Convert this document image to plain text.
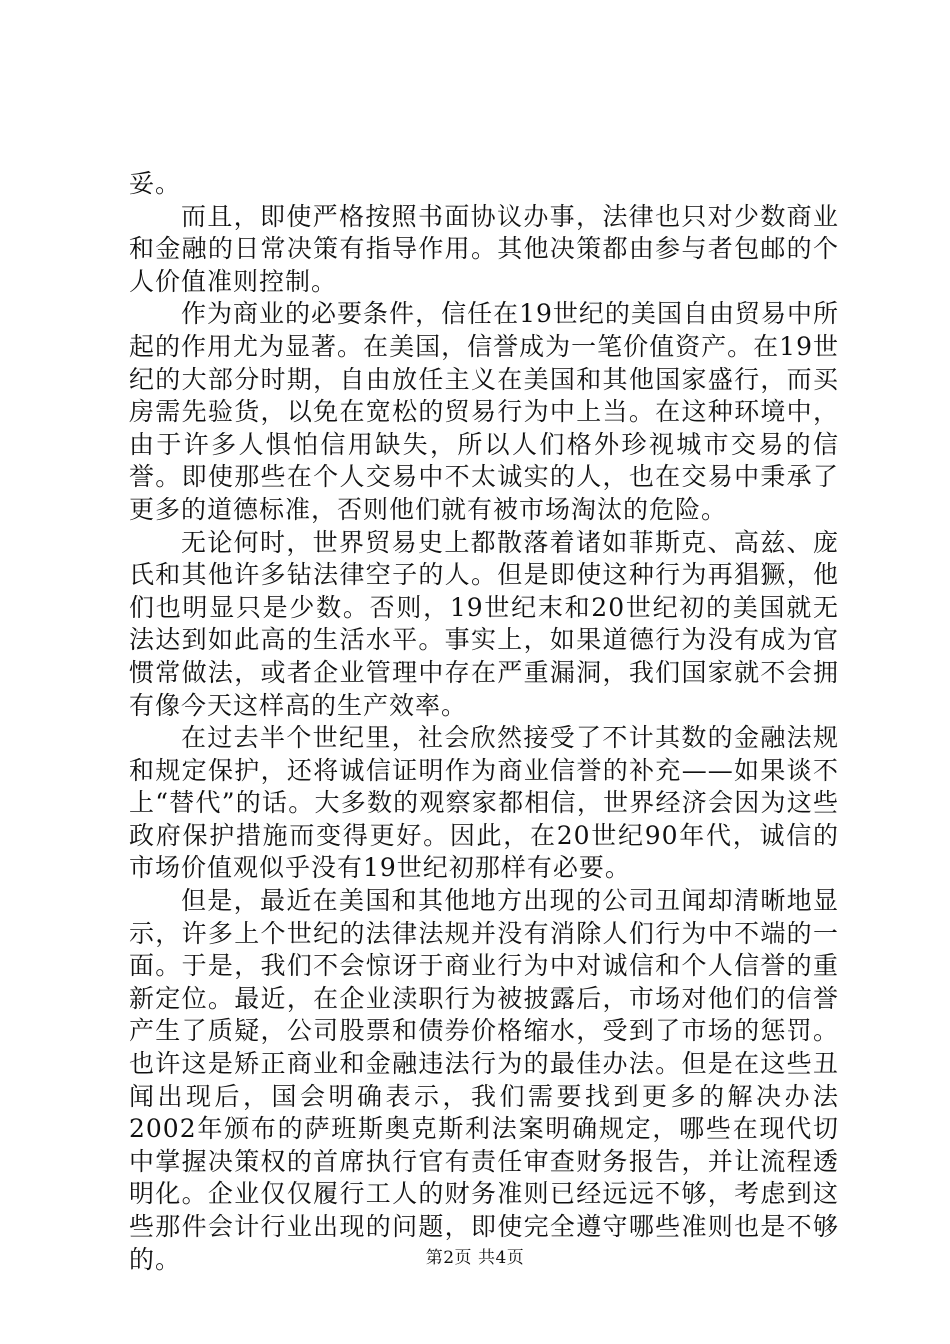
妥。

而且，即使严格按照书面协议办事，法律也只对少数商业和金融的日常决策有指导作用。其他决策都由参与者包邮的个人价值准则控制。

作为商业的必要条件，信任在19世纪的美国自由贸易中所起的作用尤为显著。在美国，信誉成为一笔价值资产。在19世纪的大部分时期，自由放任主义在美国和其他国家盛行，而买房需先验货，以免在宽松的贸易行为中上当。在这种环境中，由于许多人惧怕信用缺失，所以人们格外珍视城市交易的信誉。即使那些在个人交易中不太诚实的人，也在交易中秉承了更多的道德标准，否则他们就有被市场淘汰的危险。

无论何时，世界贸易史上都散落着诸如菲斯克、高兹、庞氏和其他许多钻法律空子的人。但是即使这种行为再猖獗，他们也明显只是少数。否则，19世纪末和20世纪初的美国就无法达到如此高的生活水平。事实上，如果道德行为没有成为官惯常做法，或者企业管理中存在严重漏洞，我们国家就不会拥有像今天这样高的生产效率。

在过去半个世纪里，社会欣然接受了不计其数的金融法规和规定保护，还将诚信证明作为商业信誉的补充——如果谈不上“替代”的话。大多数的观察家都相信，世界经济会因为这些政府保护措施而变得更好。因此，在20世纪90年代，诚信的市场价值观似乎没有19世纪初那样有必要。

但是，最近在美国和其他地方出现的公司丑闻却清晰地显示，许多上个世纪的法律法规并没有消除人们行为中不端的一面。于是，我们不会惊讶于商业行为中对诚信和个人信誉的重新定位。最近，在企业渎职行为被披露后，市场对他们的信誉产生了质疑，公司股票和债券价格缩水，受到了市场的惩罚。也许这是矫正商业和金融违法行为的最佳办法。但是在这些丑闻出现后，国会明确表示，我们需要找到更多的解决办法2002年颁布的萨班斯奥克斯利法案明确规定，哪些在现代切中掌握决策权的首席执行官有责任审查财务报告，并让流程透明化。企业仅仅履行工人的财务准则已经远远不够，考虑到这些那件会计行业出现的问题，即使完全遵守哪些准则也是不够的。	第2页 共4页
